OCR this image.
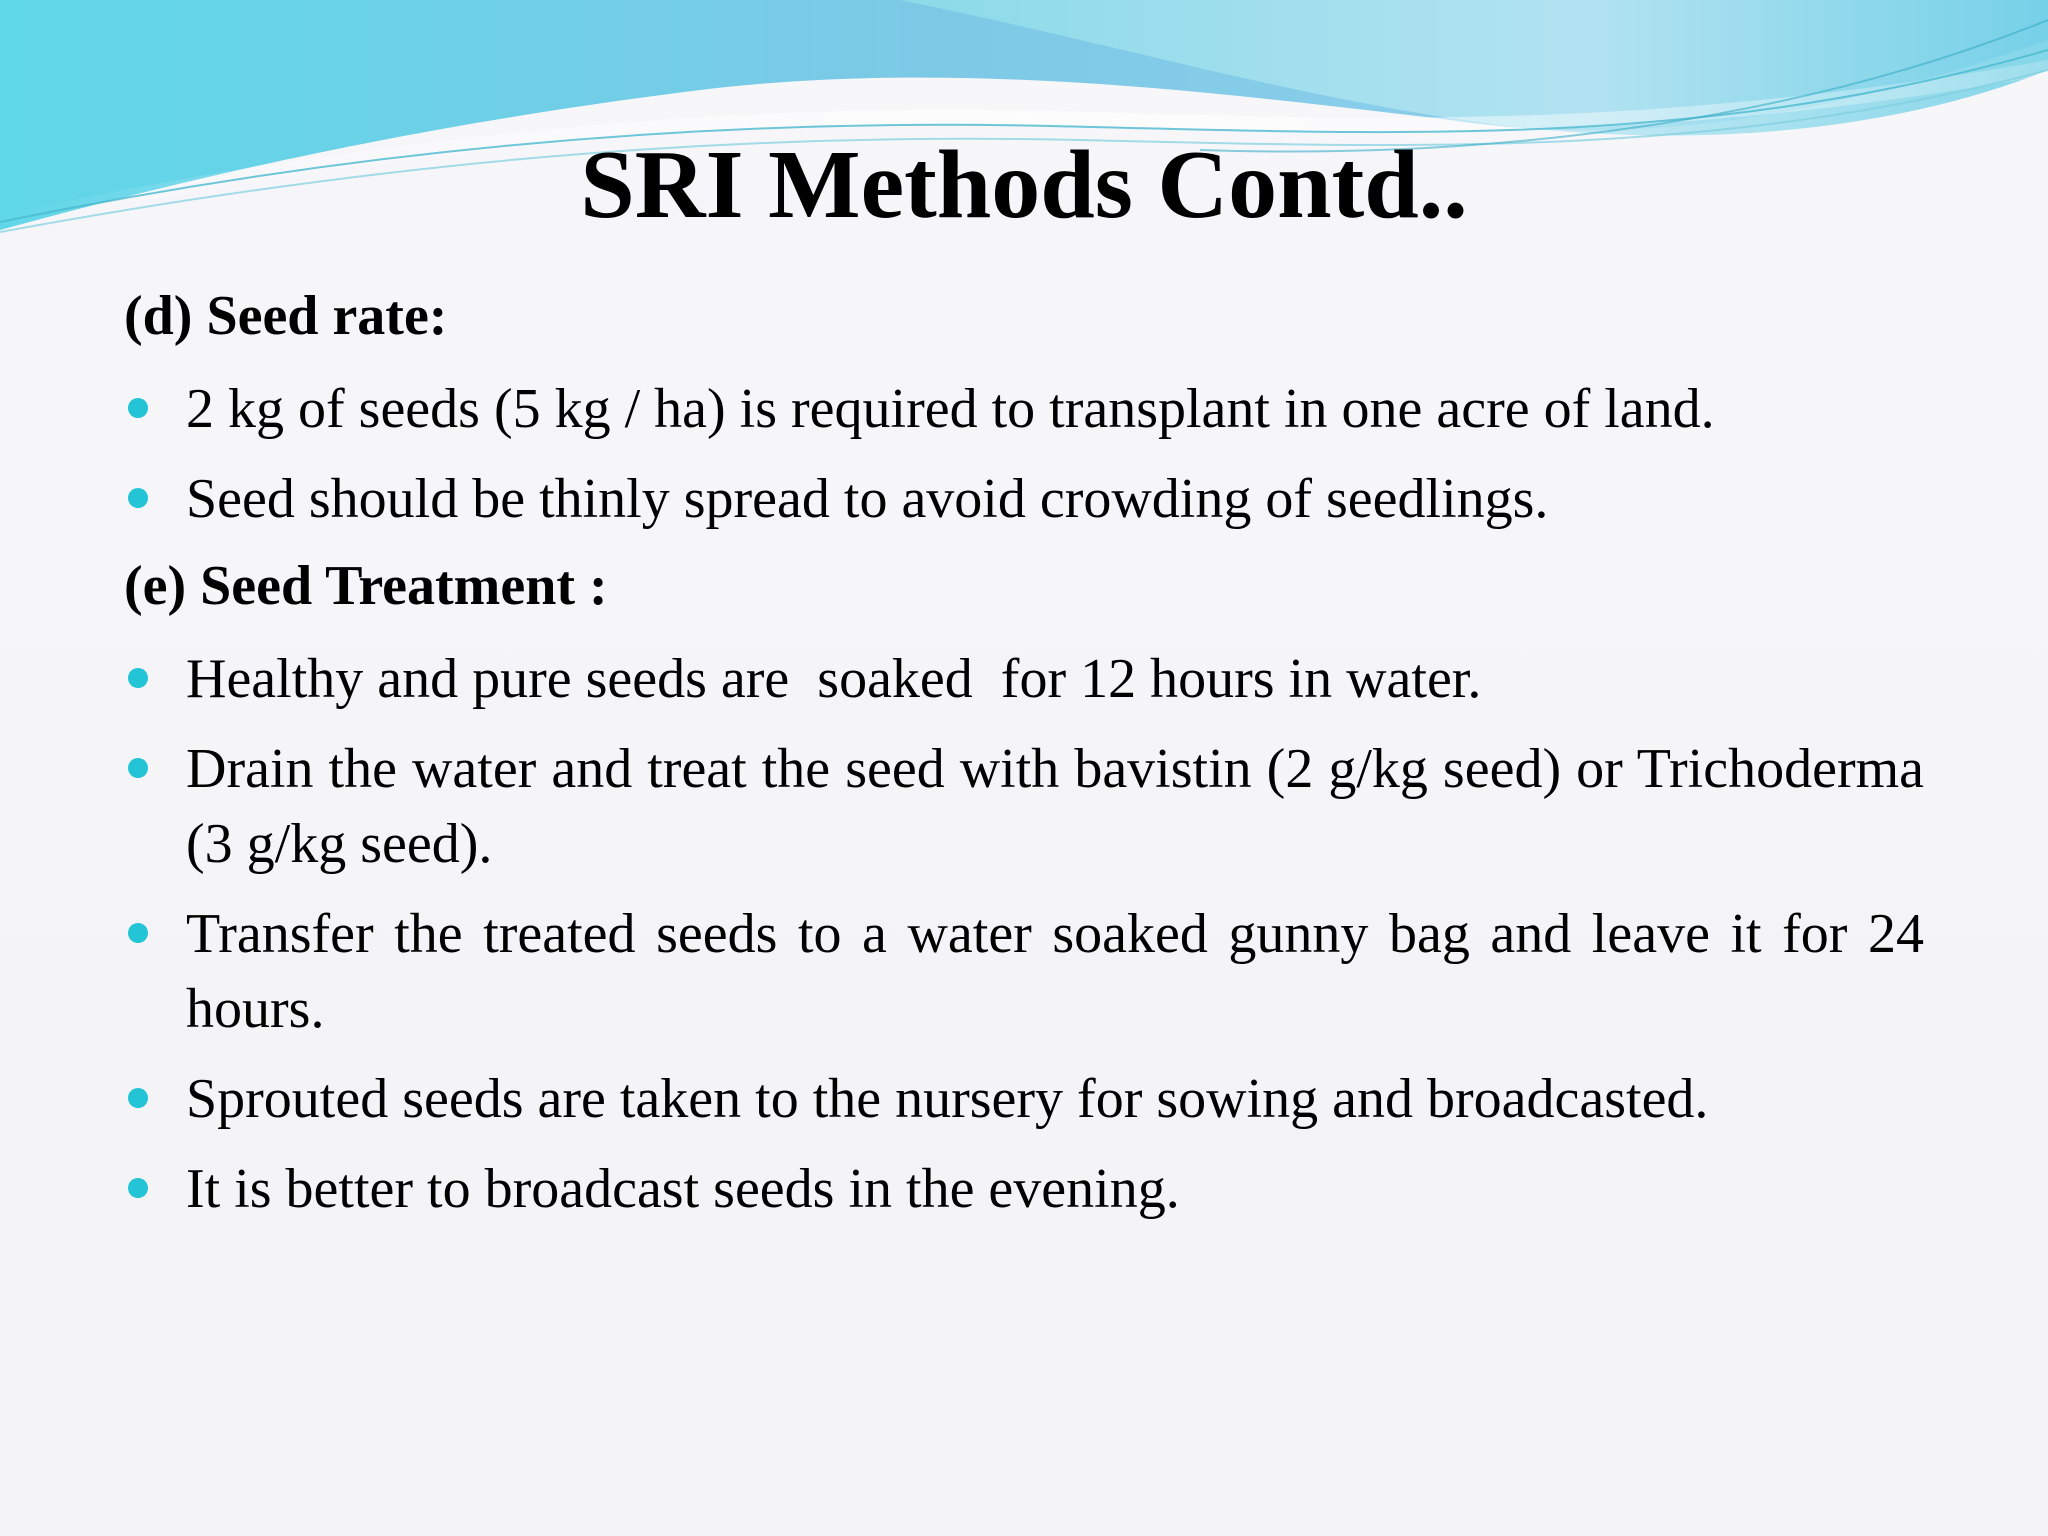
SRI Methods Contd..

(d) Seed rate:

2 kg of seeds (5 kg / ha) is required to transplant in one acre of land.
Seed should be thinly spread to avoid crowding of seedlings.

(e) Seed Treatment :

Healthy and pure seeds are  soaked  for 12 hours in water.
Drain the water and treat the seed with bavistin (2 g/kg seed) or Trichoderma (3 g/kg seed).
Transfer the treated seeds to a water soaked gunny bag and leave it for 24 hours.
Sprouted seeds are taken to the nursery for sowing and broadcasted.
It is better to broadcast seeds in the evening.
